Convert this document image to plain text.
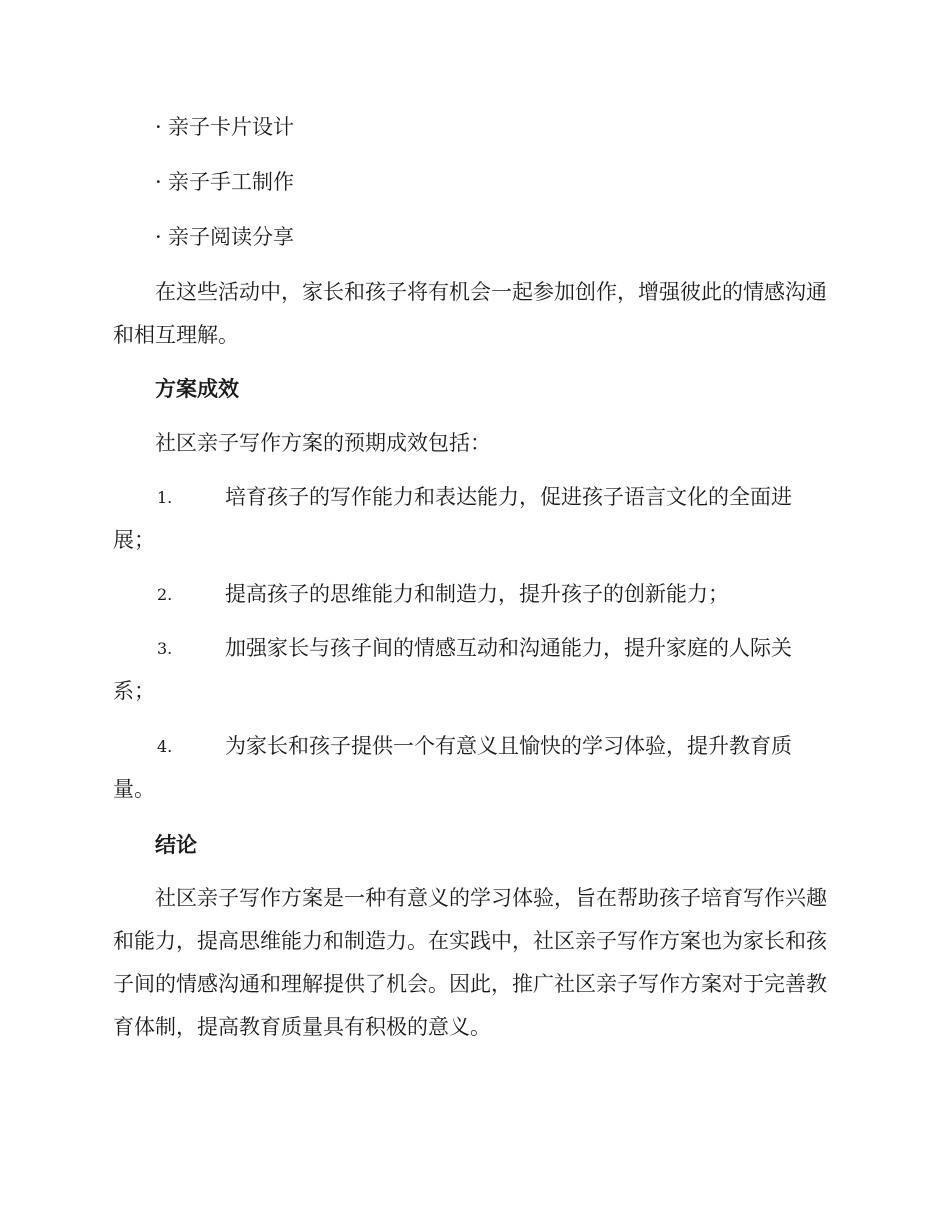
· 亲子卡片设计
· 亲子手工制作
· 亲子阅读分享

在这些活动中，家长和孩子将有机会一起参加创作，增强彼此的情感沟通和相互理解。

方案成效

社区亲子写作方案的预期成效包括：

1.	培育孩子的写作能力和表达能力，促进孩子语言文化的全面进展；
2.	提高孩子的思维能力和制造力，提升孩子的创新能力；
3.	加强家长与孩子间的情感互动和沟通能力，提升家庭的人际关系；
4.	为家长和孩子提供一个有意义且愉快的学习体验，提升教育质量。
结论

社区亲子写作方案是一种有意义的学习体验，旨在帮助孩子培育写作兴趣和能力，提高思维能力和制造力。在实践中，社区亲子写作方案也为家长和孩子间的情感沟通和理解提供了机会。因此，推广社区亲子写作方案对于完善教育体制，提高教育质量具有积极的意义。
